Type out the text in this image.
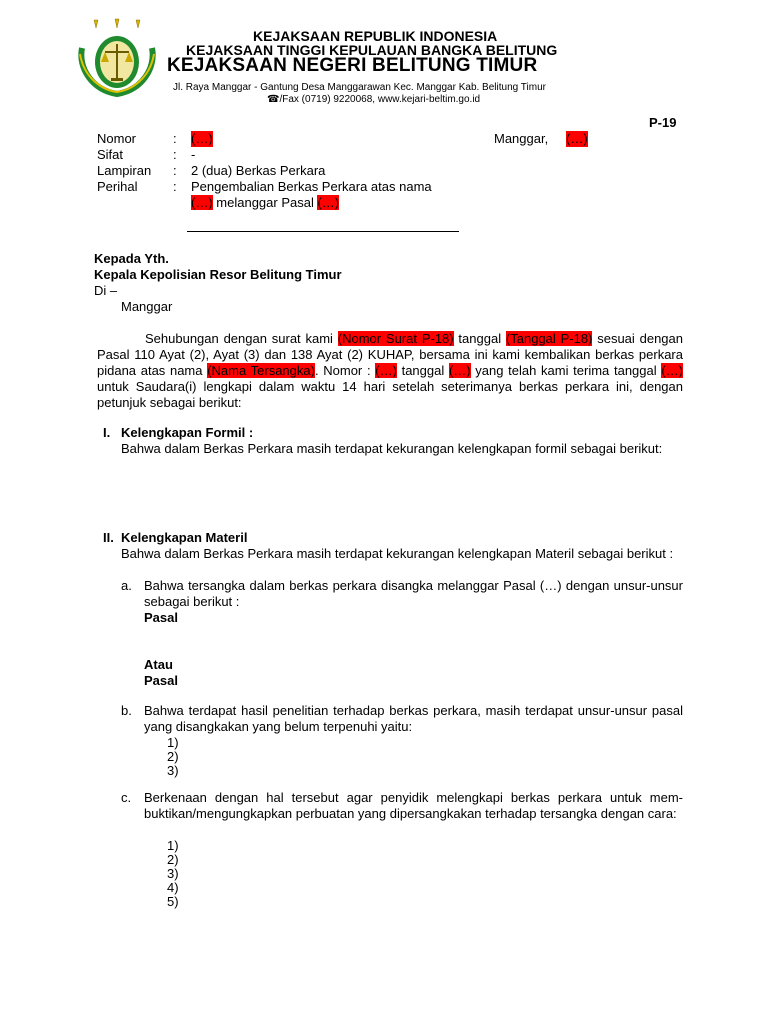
KEJAKSAAN REPUBLIK INDONESIA
KEJAKSAAN TINGGI KEPULAUAN BANGKA BELITUNG
KEJAKSAAN NEGERI BELITUNG TIMUR
Jl. Raya Manggar - Gantung Desa Manggarawan Kec. Manggar Kab. Belitung Timur
☎/Fax (0719) 9220068, www.kejari-beltim.go.id
P-19
Nomor	: (…)	Manggar, (…)
Sifat	: -
Lampiran : 2 (dua) Berkas Perkara
Perihal	: Pengembalian Berkas Perkara atas nama
(…) melanggar Pasal (…)
Kepada Yth.
Kepala Kepolisian Resor Belitung Timur
Di –
Manggar
Sehubungan dengan surat kami (Nomor Surat P-18) tanggal (Tanggal P-18) sesuai dengan Pasal 110 Ayat (2), Ayat (3) dan 138 Ayat (2) KUHAP, bersama ini kami kembalikan berkas perkara pidana atas nama (Nama Tersangka). Nomor : (…) tanggal (…) yang telah kami terima tanggal (…) untuk Saudara(i) lengkapi dalam waktu 14 hari setelah seterimanya berkas perkara ini, dengan petunjuk sebagai berikut:
I. Kelengkapan Formil :
Bahwa dalam Berkas Perkara masih terdapat kekurangan kelengkapan formil sebagai berikut:
II. Kelengkapan Materil
Bahwa dalam Berkas Perkara masih terdapat kekurangan kelengkapan Materil sebagai berikut :
a. Bahwa tersangka dalam berkas perkara disangka melanggar Pasal (…) dengan unsur-unsur sebagai berikut :
Pasal
Atau
Pasal
b. Bahwa terdapat hasil penelitian terhadap berkas perkara, masih terdapat unsur-unsur pasal yang disangkakan yang belum terpenuhi yaitu:
1)
2)
3)
c. Berkenaan dengan hal tersebut agar penyidik melengkapi berkas perkara untuk mem-buktikan/mengungkapkan perbuatan yang dipersangkakan terhadap tersangka dengan cara:
1)
2)
3)
4)
5)
